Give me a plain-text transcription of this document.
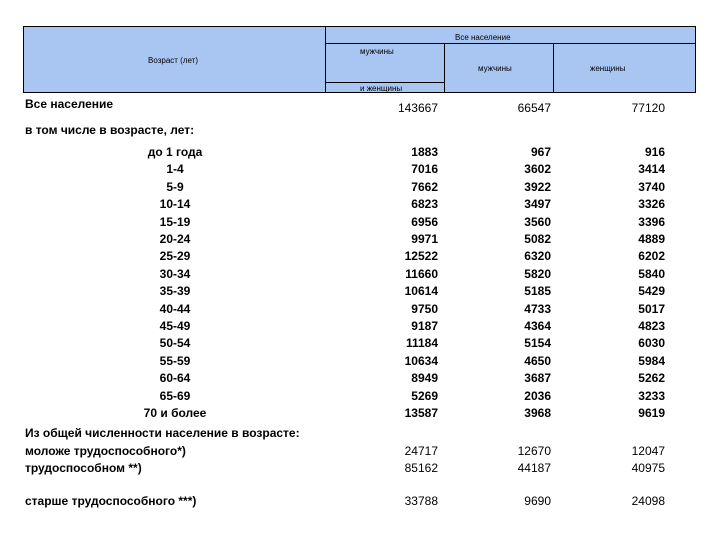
Все население
Возраст (лет)
мужчины
и женщины
мужчины	женщины
Все население	143667	66547	77120
в том числе в возрасте, лет:
до 1 года	1883	967	916
1-4	7016	3602	3414
5-9	7662	3922	3740
10-14	6823	3497	3326
15-19	6956	3560	3396
20-24	9971	5082	4889
25-29	12522	6320	6202
30-34	11660	5820	5840
35-39	10614	5185	5429
40-44	9750	4733	5017
45-49	9187	4364	4823
50-54	11184	5154	6030
55-59	10634	4650	5984
60-64	8949	3687	5262
65-69	5269	2036	3233
70 и более	13587	3968	9619
Из общей численности население в возрасте:
моложе трудоспособного*)	24717	12670	12047
трудоспособном **)	85162	44187	40975
старше трудоспособного ***)	33788	9690	24098
